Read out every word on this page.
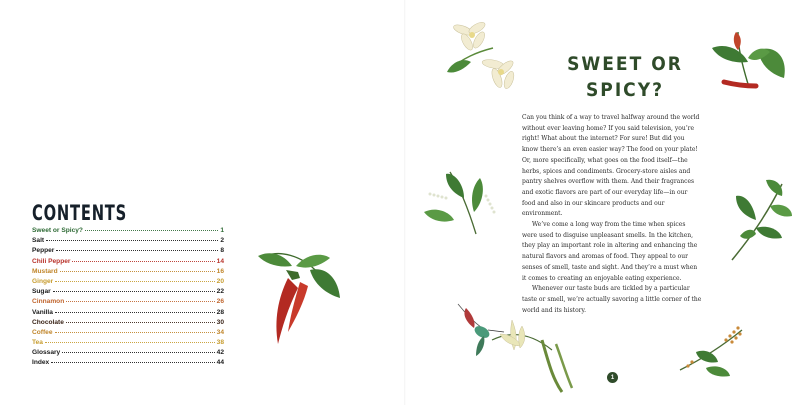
CONTENTS
Sweet or Spicy?	1
Salt	2
Pepper	8
Chili Pepper	14
Mustard	16
Ginger	20
Sugar	22
Cinnamon	26
Vanilla	28
Chocolate	30
Coffee	34
Tea	38
Glossary	42
Index	44
SWEET OR
SPICY?

Can you think of a way to travel halfway around the world without ever leaving home? If you said television, you’re right! What about the internet? For sure! But did you know there’s an even easier way? The food on your plate! Or, more specifically, what goes on the food itself—the herbs, spices and condiments. Grocery-store aisles and pantry shelves overflow with them. And their fragrances and exotic flavors are part of our everyday life—in our food and also in our skincare products and our environment.

We’ve come a long way from the time when spices were used to disguise unpleasant smells. In the kitchen, they play an important role in altering and enhancing the natural flavors and aromas of food. They appeal to our senses of smell, taste and sight. And they’re a must when it comes to creating an enjoyable eating experience.

Whenever our taste buds are tickled by a particular taste or smell, we’re actually savoring a little corner of the world and its history.

1
